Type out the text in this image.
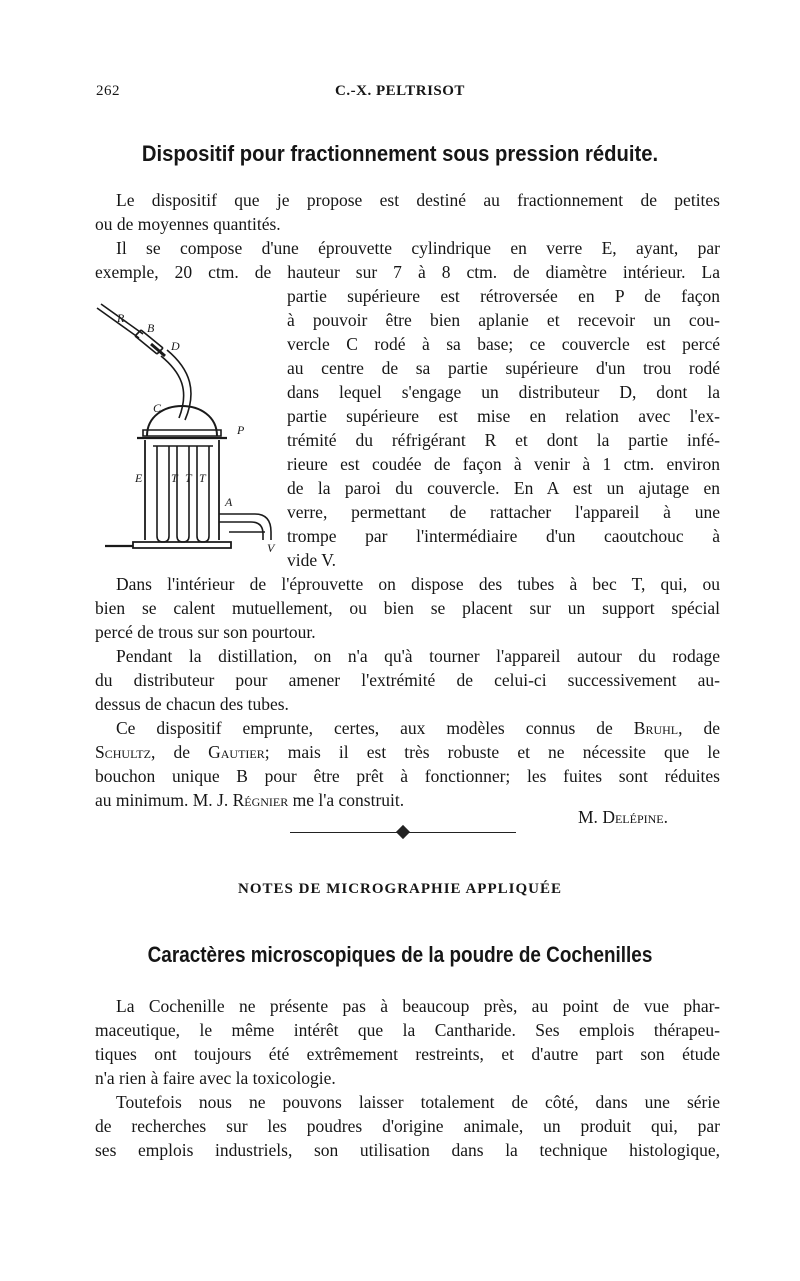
262	C.-X. PELTRISOT
Dispositif pour fractionnement sous pression réduite.
Le dispositif que je propose est destiné au fractionnement de petites
ou de moyennes quantités.
Il se compose d'une éprouvette cylindrique en verre E, ayant, par
exemple, 20 ctm. de hauteur sur 7 à 8 ctm. de diamètre intérieur. La
partie supérieure est rétroversée en P de façon
à pouvoir être bien aplanie et recevoir un cou-
vercle C rodé à sa base; ce couvercle est percé
au centre de sa partie supérieure d'un trou rodé
dans lequel s'engage un distributeur D, dont la
partie supérieure est mise en relation avec l'ex-
trémité du réfrigérant R et dont la partie infé-
rieure est coudée de façon à venir à 1 ctm. environ
de la paroi du couvercle. En A est un ajutage en
verre, permettant de rattacher l'appareil à une
trompe par l'intermédiaire d'un caoutchouc à
vide V.
Dans l'intérieur de l'éprouvette on dispose des tubes à bec T, qui, ou
bien se calent mutuellement, ou bien se placent sur un support spécial
percé de trous sur son pourtour.
Pendant la distillation, on n'a qu'à tourner l'appareil autour du rodage
du distributeur pour amener l'extrémité de celui-ci successivement au-
dessus de chacun des tubes.
Ce dispositif emprunte, certes, aux modèles connus de Bruhl, de
Schultz, de Gautier; mais il est très robuste et ne nécessite que le
bouchon unique B pour être prêt à fonctionner; les fuites sont réduites
au minimum. M. J. Régnier me l'a construit.
M. Delépine.
NOTES DE MICROGRAPHIE APPLIQUÉE
Caractères microscopiques de la poudre de Cochenilles
La Cochenille ne présente pas à beaucoup près, au point de vue phar-
maceutique, le même intérêt que la Cantharide. Ses emplois thérapeu-
tiques ont toujours été extrêmement restreints, et d'autre part son étude
n'a rien à faire avec la toxicologie.
Toutefois nous ne pouvons laisser totalement de côté, dans une série
de recherches sur les poudres d'origine animale, un produit qui, par
ses emplois industriels, son utilisation dans la technique histologique,
R
B
D
C
P
E T T T
A
V
